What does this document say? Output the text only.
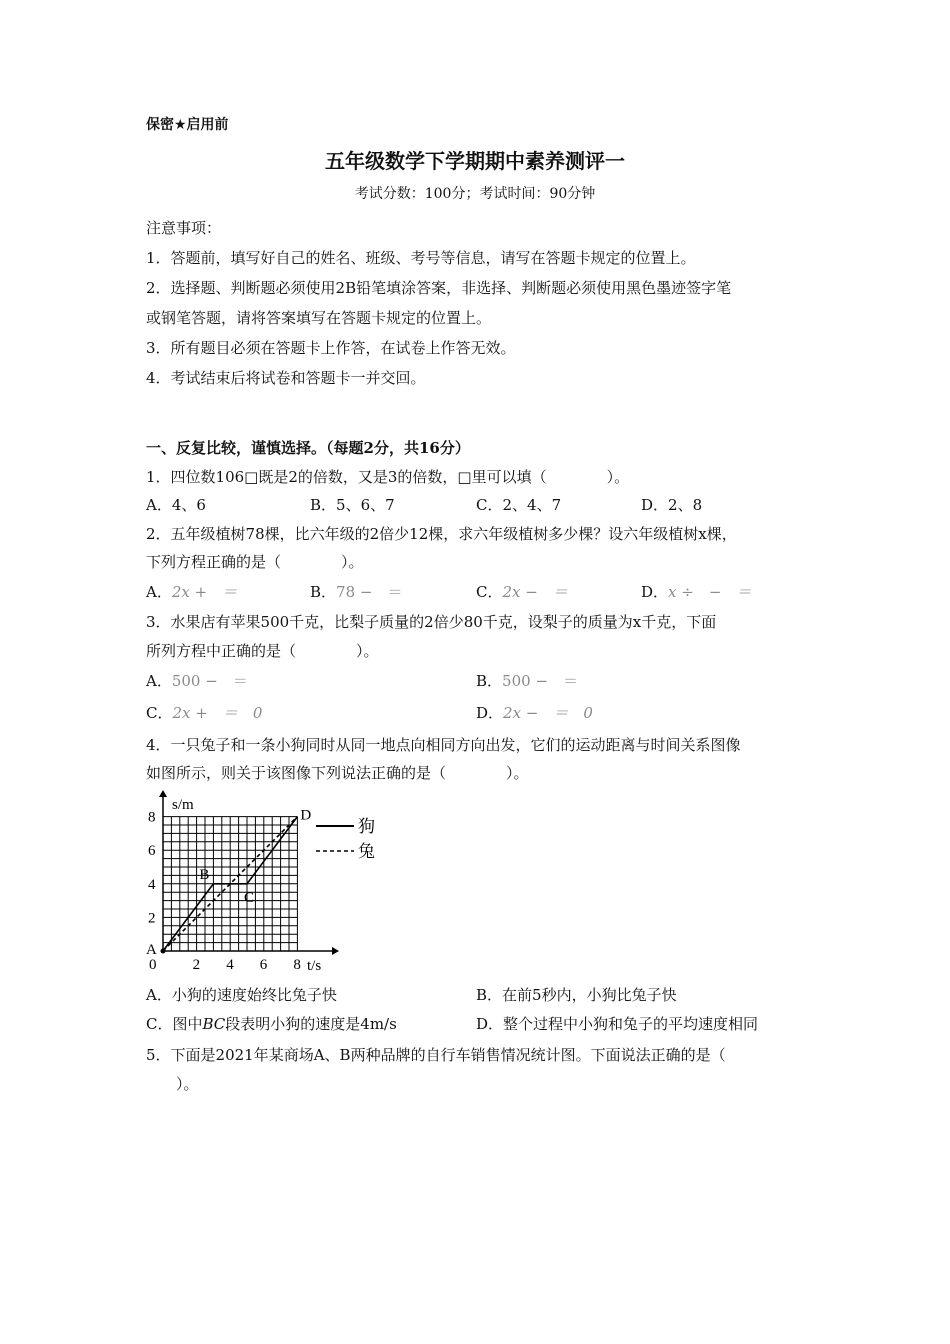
保密★启用前
五年级数学下学期期中素养测评一
考试分数：100分；考试时间：90分钟
注意事项：
1．答题前，填写好自己的姓名、班级、考号等信息，请写在答题卡规定的位置上。
2．选择题、判断题必须使用2B铅笔填涂答案，非选择、判断题必须使用黑色墨迹签字笔
或钢笔答题，请将答案填写在答题卡规定的位置上。
3．所有题目必须在答题卡上作答，在试卷上作答无效。
4．考试结束后将试卷和答题卡一并交回。
一、反复比较，谨慎选择。（每题2分，共16分）
1．四位数106□既是2的倍数，又是3的倍数，□里可以填（　　　　）。
A．4、6	B．5、6、7	C．2、4、7	D．2、8
2．五年级植树78棵，比六年级的2倍少12棵，求六年级植树多少棵？设六年级植树x棵，
下列方程正确的是（　　　　）。
A．2x +　＝	B．78 −　＝	C．2x −　＝	D．x ÷　−　＝
3．水果店有苹果500千克，比梨子质量的2倍少80千克，设梨子的质量为x千克，下面
所列方程中正确的是（　　　　）。
A．500 −　＝	B．500 −　＝
C．2x +　＝　0	D．2x −　＝　0
4．一只兔子和一条小狗同时从同一地点向相同方向出发，它们的运动距离与时间关系图像
如图所示，则关于该图像下列说法正确的是（　　　　）。
0 2 4 6 8
2
4
6
8
A
B
C
D
s/m
t/s
狗
兔
A．小狗的速度始终比兔子快	B．在前5秒内，小狗比兔子快
C．图中BC段表明小狗的速度是4m/s	D．整个过程中小狗和兔子的平均速度相同
5．下面是2021年某商场A、B两种品牌的自行车销售情况统计图。下面说法正确的是（
　　）。
